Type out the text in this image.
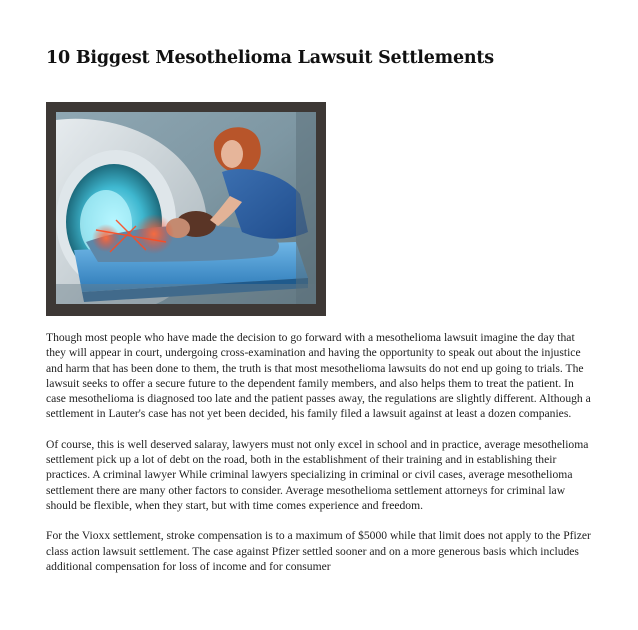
10 Biggest Mesothelioma Lawsuit Settlements

Though most people who have made the decision to go forward with a mesothelioma lawsuit imagine the day that they will appear in court, undergoing cross-examination and having the opportunity to speak out about the injustice and harm that has been done to them, the truth is that most mesothelioma lawsuits do not end up going to trials. The lawsuit seeks to offer a secure future to the dependent family members, and also helps them to treat the patient. In case mesothelioma is diagnosed too late and the patient passes away, the regulations are slightly different. Although a settlement in Lauter's case has not yet been decided, his family filed a lawsuit against at least a dozen companies.

Of course, this is well deserved salaray, lawyers must not only excel in school and in practice, average mesothelioma settlement pick up a lot of debt on the road, both in the establishment of their training and in establishing their practices. A criminal lawyer While criminal lawyers specializing in criminal or civil cases, average mesothelioma settlement there are many other factors to consider. Average mesothelioma settlement attorneys for criminal law should be flexible, when they start, but with time comes experience and freedom.

For the Vioxx settlement, stroke compensation is to a maximum of $5000 while that limit does not apply to the Pfizer class action lawsuit settlement. The case against Pfizer settled sooner and on a more generous basis which includes additional compensation for loss of income and for consumer
